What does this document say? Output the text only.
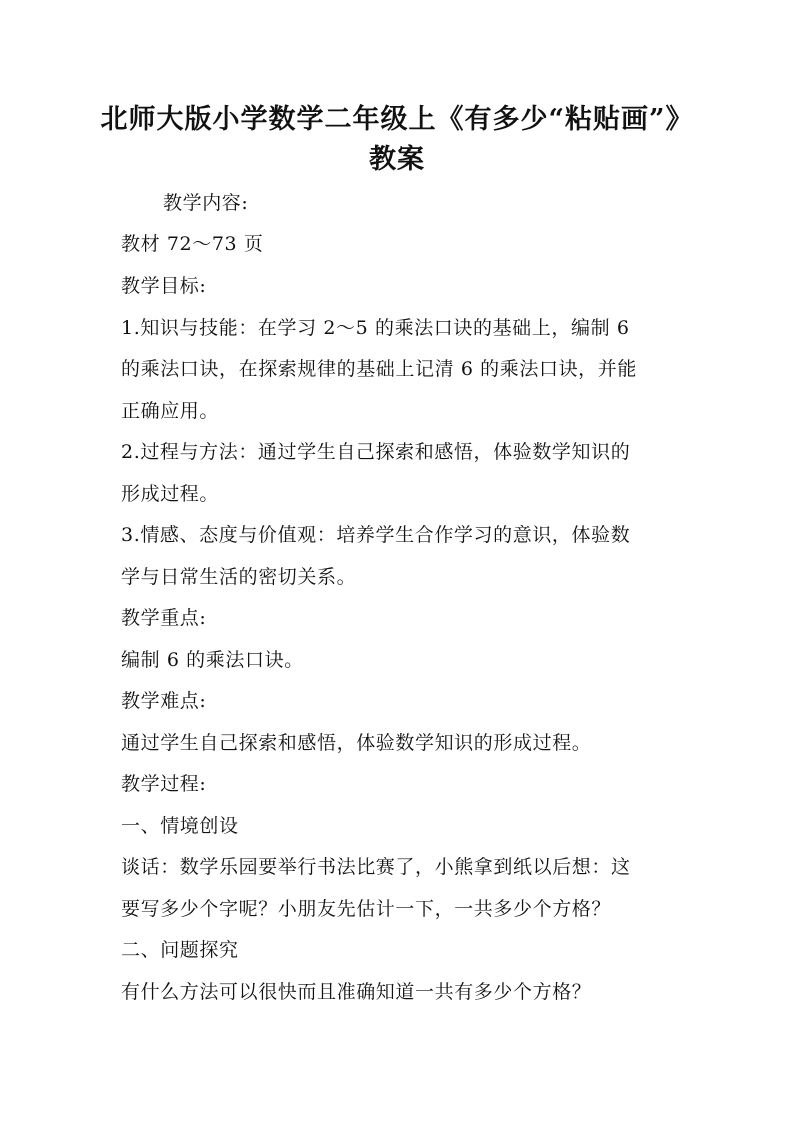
北师大版小学数学二年级上《有多少“粘贴画”》
教案
教学内容:
教材 72～73 页
教学目标:
1.知识与技能：在学习 2～5 的乘法口诀的基础上，编制 6
的乘法口诀，在探索规律的基础上记清 6 的乘法口诀，并能
正确应用。
2.过程与方法：通过学生自己探索和感悟，体验数学知识的
形成过程。
3.情感、态度与价值观：培养学生合作学习的意识，体验数
学与日常生活的密切关系。
教学重点:
编制 6 的乘法口诀。
教学难点:
通过学生自己探索和感悟，体验数学知识的形成过程。
教学过程:
一、情境创设
谈话：数学乐园要举行书法比赛了，小熊拿到纸以后想：这
要写多少个字呢？小朋友先估计一下，一共多少个方格？
二、问题探究
有什么方法可以很快而且准确知道一共有多少个方格？
